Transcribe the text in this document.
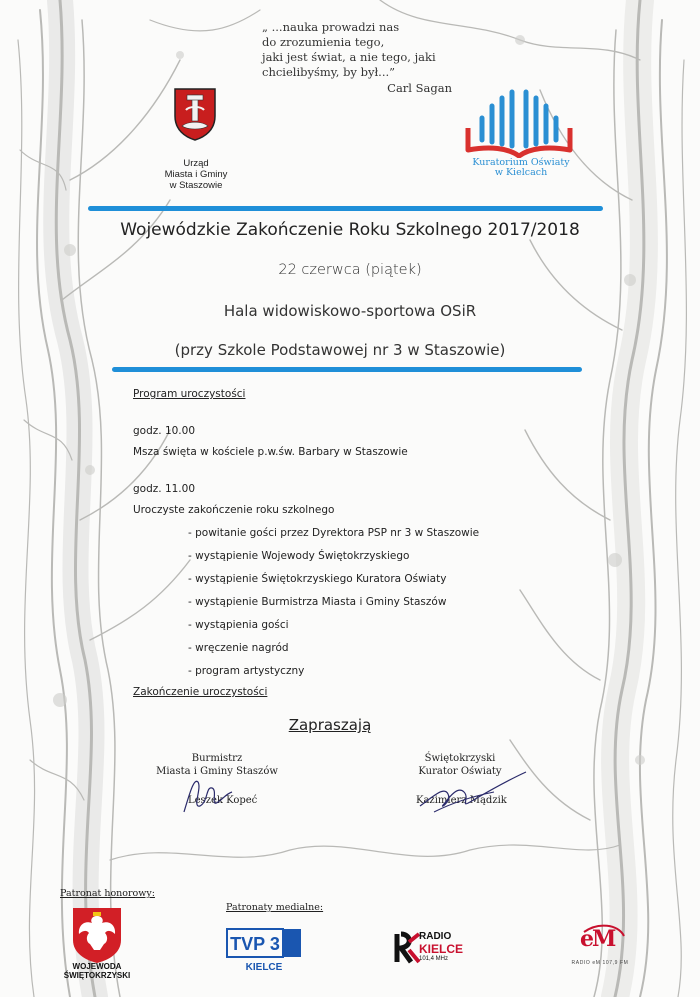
„ ...nauka prowadzi nas
do zrozumienia tego,
jaki jest świat, a nie tego, jaki
chcielibyśmy, by był...”
Carl Sagan
Urząd
Miasta i Gminy
w Staszowie
Kuratorium Oświaty
w Kielcach
Wojewódzkie Zakończenie Roku Szkolnego 2017/2018
22 czerwca (piątek)
Hala widowiskowo-sportowa OSiR
(przy Szkole Podstawowej nr 3 w Staszowie)
Program uroczystości
godz. 10.00
Msza święta w kościele p.w.św. Barbary w Staszowie
godz. 11.00
Uroczyste zakończenie roku szkolnego
- powitanie gości przez Dyrektora PSP nr 3 w Staszowie
- wystąpienie Wojewody Świętokrzyskiego
- wystąpienie Świętokrzyskiego Kuratora Oświaty
- wystąpienie Burmistrza Miasta i Gminy Staszów
- wystąpienia gości
- wręczenie nagród
- program artystyczny
Zakończenie uroczystości
Zapraszają
Burmistrz
Miasta i Gminy Staszów
Leszek Kopeć
Świętokrzyski
Kurator Oświaty
Kazimierz Mądzik
Patronat honorowy:
Patronaty medialne:
WOJEWODA
ŚWIĘTOKRZYSKI
TVP 3
KIELCE
RADIO
KIELCE
101,4 MHz
eM
RADIO eM 107,9 FM
